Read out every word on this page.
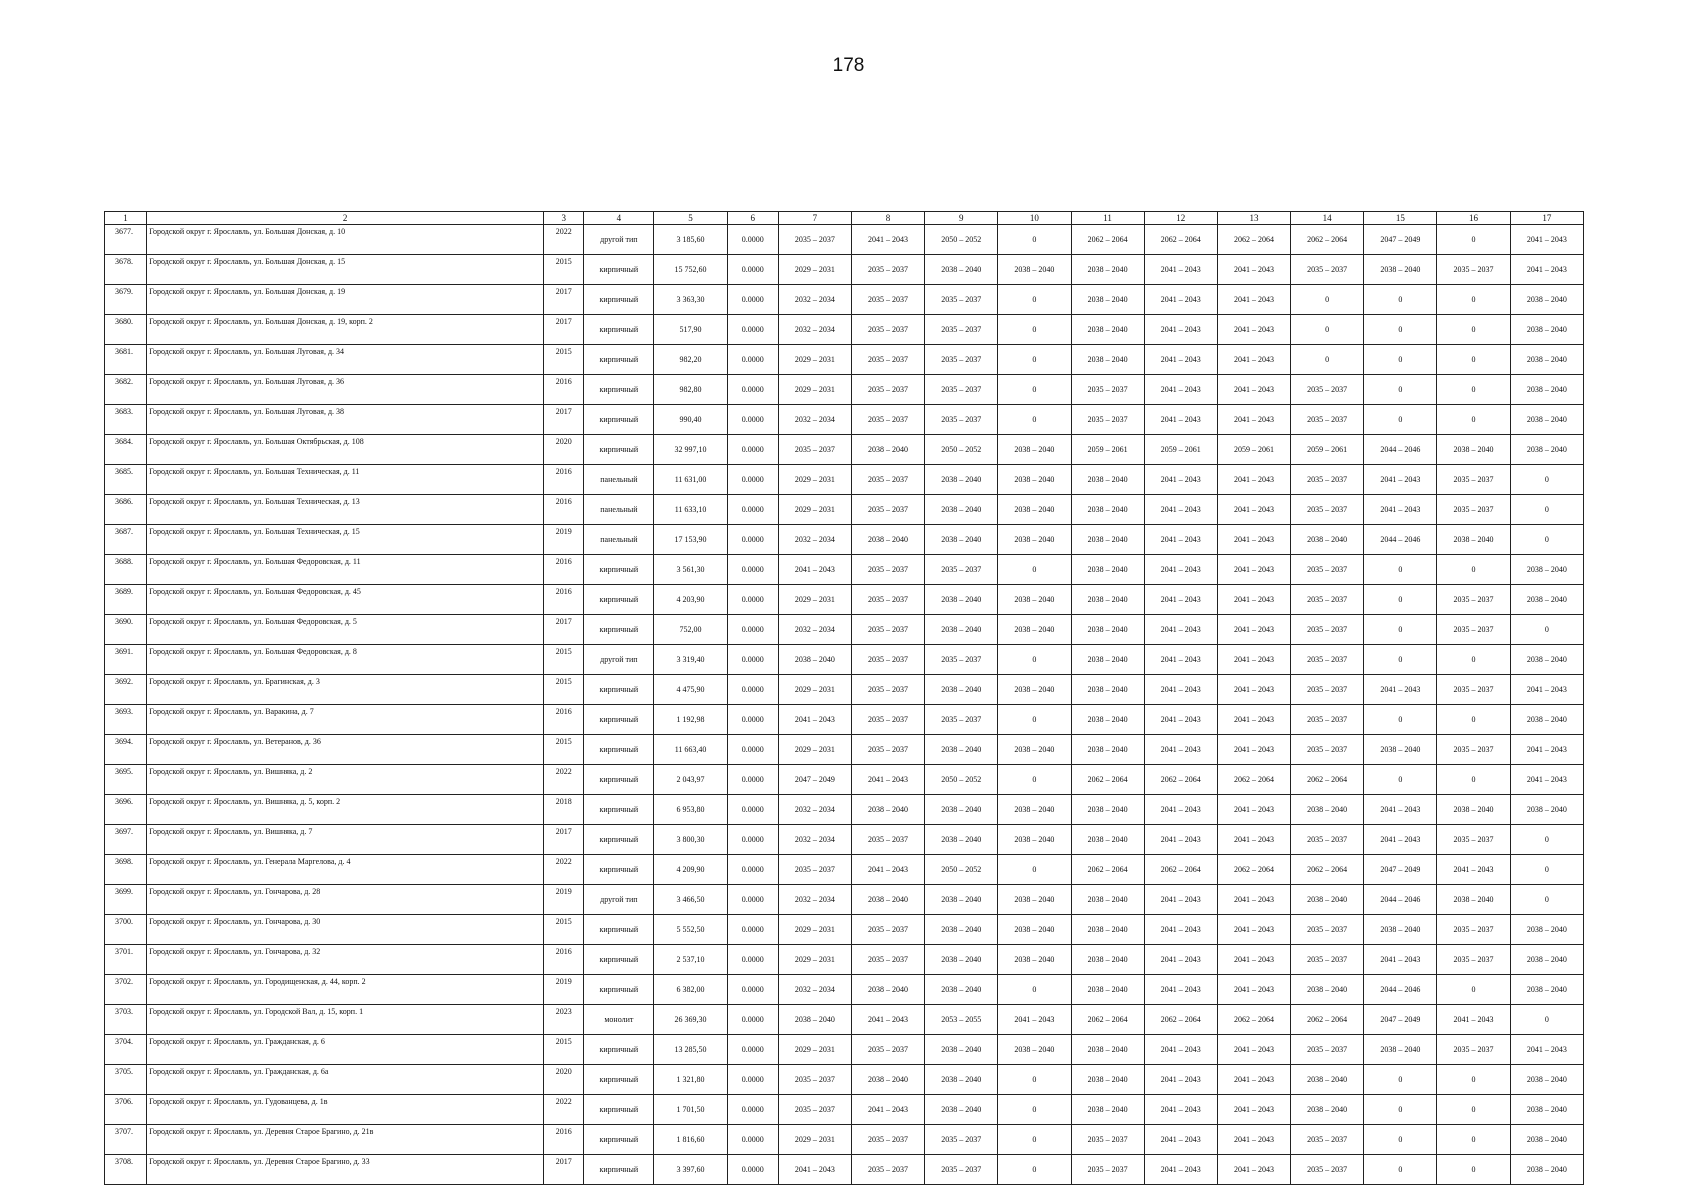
178
1	2	3	4	5	6	7	8	9	10	11	12	13	14	15	16	17
3677.	Городской округ г. Ярославль, ул. Большая Донская, д. 10	2022	другой тип	3 185,60	0.0000	2035 – 2037	2041 – 2043	2050 – 2052	0	2062 – 2064	2062 – 2064	2062 – 2064	2062 – 2064	2047 – 2049	0	2041 – 2043
3678.	Городской округ г. Ярославль, ул. Большая Донская, д. 15	2015	кирпичный	15 752,60	0.0000	2029 – 2031	2035 – 2037	2038 – 2040	2038 – 2040	2038 – 2040	2041 – 2043	2041 – 2043	2035 – 2037	2038 – 2040	2035 – 2037	2041 – 2043
3679.	Городской округ г. Ярославль, ул. Большая Донская, д. 19	2017	кирпичный	3 363,30	0.0000	2032 – 2034	2035 – 2037	2035 – 2037	0	2038 – 2040	2041 – 2043	2041 – 2043	0	0	0	2038 – 2040
3680.	Городской округ г. Ярославль, ул. Большая Донская, д. 19, корп. 2	2017	кирпичный	517,90	0.0000	2032 – 2034	2035 – 2037	2035 – 2037	0	2038 – 2040	2041 – 2043	2041 – 2043	0	0	0	2038 – 2040
3681.	Городской округ г. Ярославль, ул. Большая Луговая, д. 34	2015	кирпичный	982,20	0.0000	2029 – 2031	2035 – 2037	2035 – 2037	0	2038 – 2040	2041 – 2043	2041 – 2043	0	0	0	2038 – 2040
3682.	Городской округ г. Ярославль, ул. Большая Луговая, д. 36	2016	кирпичный	982,80	0.0000	2029 – 2031	2035 – 2037	2035 – 2037	0	2035 – 2037	2041 – 2043	2041 – 2043	2035 – 2037	0	0	2038 – 2040
3683.	Городской округ г. Ярославль, ул. Большая Луговая, д. 38	2017	кирпичный	990,40	0.0000	2032 – 2034	2035 – 2037	2035 – 2037	0	2035 – 2037	2041 – 2043	2041 – 2043	2035 – 2037	0	0	2038 – 2040
3684.	Городской округ г. Ярославль, ул. Большая Октябрьская, д. 108	2020	кирпичный	32 997,10	0.0000	2035 – 2037	2038 – 2040	2050 – 2052	2038 – 2040	2059 – 2061	2059 – 2061	2059 – 2061	2059 – 2061	2044 – 2046	2038 – 2040	2038 – 2040
3685.	Городской округ г. Ярославль, ул. Большая Техническая, д. 11	2016	панельный	11 631,00	0.0000	2029 – 2031	2035 – 2037	2038 – 2040	2038 – 2040	2038 – 2040	2041 – 2043	2041 – 2043	2035 – 2037	2041 – 2043	2035 – 2037	0
3686.	Городской округ г. Ярославль, ул. Большая Техническая, д. 13	2016	панельный	11 633,10	0.0000	2029 – 2031	2035 – 2037	2038 – 2040	2038 – 2040	2038 – 2040	2041 – 2043	2041 – 2043	2035 – 2037	2041 – 2043	2035 – 2037	0
3687.	Городской округ г. Ярославль, ул. Большая Техническая, д. 15	2019	панельный	17 153,90	0.0000	2032 – 2034	2038 – 2040	2038 – 2040	2038 – 2040	2038 – 2040	2041 – 2043	2041 – 2043	2038 – 2040	2044 – 2046	2038 – 2040	0
3688.	Городской округ г. Ярославль, ул. Большая Федоровская, д. 11	2016	кирпичный	3 561,30	0.0000	2041 – 2043	2035 – 2037	2035 – 2037	0	2038 – 2040	2041 – 2043	2041 – 2043	2035 – 2037	0	0	2038 – 2040
3689.	Городской округ г. Ярославль, ул. Большая Федоровская, д. 45	2016	кирпичный	4 203,90	0.0000	2029 – 2031	2035 – 2037	2038 – 2040	2038 – 2040	2038 – 2040	2041 – 2043	2041 – 2043	2035 – 2037	0	2035 – 2037	2038 – 2040
3690.	Городской округ г. Ярославль, ул. Большая Федоровская, д. 5	2017	кирпичный	752,00	0.0000	2032 – 2034	2035 – 2037	2038 – 2040	2038 – 2040	2038 – 2040	2041 – 2043	2041 – 2043	2035 – 2037	0	2035 – 2037	0
3691.	Городской округ г. Ярославль, ул. Большая Федоровская, д. 8	2015	другой тип	3 319,40	0.0000	2038 – 2040	2035 – 2037	2035 – 2037	0	2038 – 2040	2041 – 2043	2041 – 2043	2035 – 2037	0	0	2038 – 2040
3692.	Городской округ г. Ярославль, ул. Брагинская, д. 3	2015	кирпичный	4 475,90	0.0000	2029 – 2031	2035 – 2037	2038 – 2040	2038 – 2040	2038 – 2040	2041 – 2043	2041 – 2043	2035 – 2037	2041 – 2043	2035 – 2037	2041 – 2043
3693.	Городской округ г. Ярославль, ул. Варакина, д. 7	2016	кирпичный	1 192,98	0.0000	2041 – 2043	2035 – 2037	2035 – 2037	0	2038 – 2040	2041 – 2043	2041 – 2043	2035 – 2037	0	0	2038 – 2040
3694.	Городской округ г. Ярославль, ул. Ветеранов, д. 36	2015	кирпичный	11 663,40	0.0000	2029 – 2031	2035 – 2037	2038 – 2040	2038 – 2040	2038 – 2040	2041 – 2043	2041 – 2043	2035 – 2037	2038 – 2040	2035 – 2037	2041 – 2043
3695.	Городской округ г. Ярославль, ул. Вишняка, д. 2	2022	кирпичный	2 043,97	0.0000	2047 – 2049	2041 – 2043	2050 – 2052	0	2062 – 2064	2062 – 2064	2062 – 2064	2062 – 2064	0	0	2041 – 2043
3696.	Городской округ г. Ярославль, ул. Вишняка, д. 5, корп. 2	2018	кирпичный	6 953,80	0.0000	2032 – 2034	2038 – 2040	2038 – 2040	2038 – 2040	2038 – 2040	2041 – 2043	2041 – 2043	2038 – 2040	2041 – 2043	2038 – 2040	2038 – 2040
3697.	Городской округ г. Ярославль, ул. Вишняка, д. 7	2017	кирпичный	3 800,30	0.0000	2032 – 2034	2035 – 2037	2038 – 2040	2038 – 2040	2038 – 2040	2041 – 2043	2041 – 2043	2035 – 2037	2041 – 2043	2035 – 2037	0
3698.	Городской округ г. Ярославль, ул. Генерала Маргелова, д. 4	2022	кирпичный	4 209,90	0.0000	2035 – 2037	2041 – 2043	2050 – 2052	0	2062 – 2064	2062 – 2064	2062 – 2064	2062 – 2064	2047 – 2049	2041 – 2043	0
3699.	Городской округ г. Ярославль, ул. Гончарова, д. 28	2019	другой тип	3 466,50	0.0000	2032 – 2034	2038 – 2040	2038 – 2040	2038 – 2040	2038 – 2040	2041 – 2043	2041 – 2043	2038 – 2040	2044 – 2046	2038 – 2040	0
3700.	Городской округ г. Ярославль, ул. Гончарова, д. 30	2015	кирпичный	5 552,50	0.0000	2029 – 2031	2035 – 2037	2038 – 2040	2038 – 2040	2038 – 2040	2041 – 2043	2041 – 2043	2035 – 2037	2038 – 2040	2035 – 2037	2038 – 2040
3701.	Городской округ г. Ярославль, ул. Гончарова, д. 32	2016	кирпичный	2 537,10	0.0000	2029 – 2031	2035 – 2037	2038 – 2040	2038 – 2040	2038 – 2040	2041 – 2043	2041 – 2043	2035 – 2037	2041 – 2043	2035 – 2037	2038 – 2040
3702.	Городской округ г. Ярославль, ул. Городищенская, д. 44, корп. 2	2019	кирпичный	6 382,00	0.0000	2032 – 2034	2038 – 2040	2038 – 2040	0	2038 – 2040	2041 – 2043	2041 – 2043	2038 – 2040	2044 – 2046	0	2038 – 2040
3703.	Городской округ г. Ярославль, ул. Городской Вал, д. 15, корп. 1	2023	монолит	26 369,30	0.0000	2038 – 2040	2041 – 2043	2053 – 2055	2041 – 2043	2062 – 2064	2062 – 2064	2062 – 2064	2062 – 2064	2047 – 2049	2041 – 2043	0
3704.	Городской округ г. Ярославль, ул. Гражданская, д. 6	2015	кирпичный	13 285,50	0.0000	2029 – 2031	2035 – 2037	2038 – 2040	2038 – 2040	2038 – 2040	2041 – 2043	2041 – 2043	2035 – 2037	2038 – 2040	2035 – 2037	2041 – 2043
3705.	Городской округ г. Ярославль, ул. Гражданская, д. 6а	2020	кирпичный	1 321,80	0.0000	2035 – 2037	2038 – 2040	2038 – 2040	0	2038 – 2040	2041 – 2043	2041 – 2043	2038 – 2040	0	0	2038 – 2040
3706.	Городской округ г. Ярославль, ул. Гудованцева, д. 1в	2022	кирпичный	1 701,50	0.0000	2035 – 2037	2041 – 2043	2038 – 2040	0	2038 – 2040	2041 – 2043	2041 – 2043	2038 – 2040	0	0	2038 – 2040
3707.	Городской округ г. Ярославль, ул. Деревня Старое Брагино, д. 21в	2016	кирпичный	1 816,60	0.0000	2029 – 2031	2035 – 2037	2035 – 2037	0	2035 – 2037	2041 – 2043	2041 – 2043	2035 – 2037	0	0	2038 – 2040
3708.	Городской округ г. Ярославль, ул. Деревня Старое Брагино, д. 33	2017	кирпичный	3 397,60	0.0000	2041 – 2043	2035 – 2037	2035 – 2037	0	2035 – 2037	2041 – 2043	2041 – 2043	2035 – 2037	0	0	2038 – 2040
